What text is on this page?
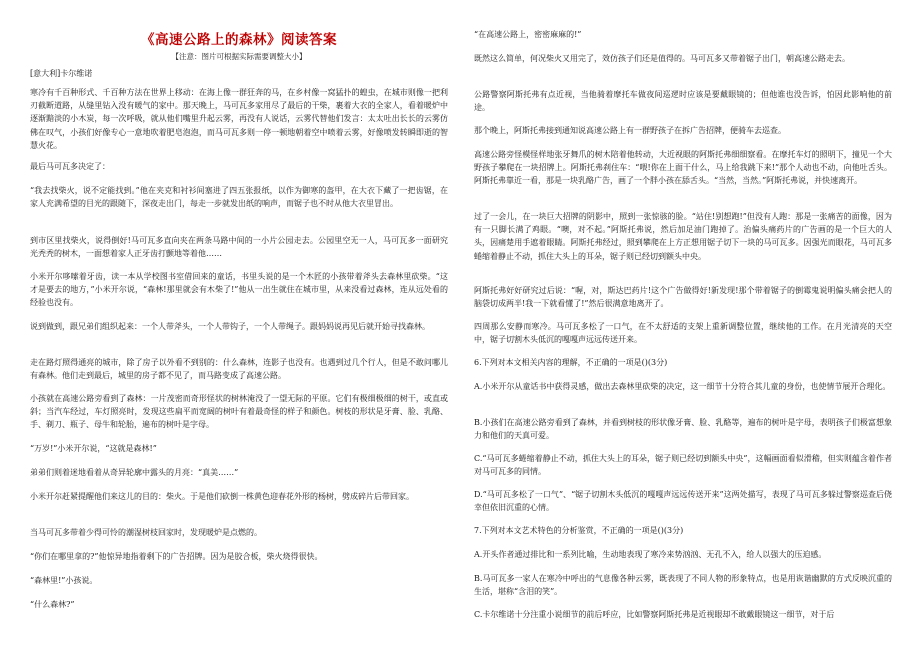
《高速公路上的森林》阅读答案
【注意：图片可根据实际需要调整大小】
[意大利]卡尔维诺

寒冷有千百种形式、千百种方法在世界上移动：在海上像一群狂奔的马，在乡村像一窝猛扑的蝗虫，在城市则像一把利刃截断道路，从缝里钻入没有暖气的家中。那天晚上，马可瓦多家用尽了最后的干柴，裹着大衣的全家人，看着暖炉中逐渐黯淡的小木炭，每一次呼吸，就从他们嘴里升起云雾，再没有人说话，云雾代替他们发言：太太吐出长长的云雾仿佛在叹气，小孩们好像专心一意地吹着肥皂泡泡，而马可瓦多则一停一顿地朝着空中喷着云雾，好像喷发转瞬即逝的智慧火花。

最后马可瓦多决定了：

“我去找柴火，说不定能找到。”他在夹克和衬衫间塞进了四五张报纸，以作为御寒的盔甲，在大衣下藏了一把齿锯，在家人充满希望的目光的跟随下，深夜走出门，每走一步就发出纸的响声，而锯子也不时从他大衣里冒出。

到市区里找柴火，说得倒好!马可瓦多直向夹在两条马路中间的一小片公园走去。公园里空无一人，马可瓦多一面研究光秃秃的树木，一面想着家人正牙齿打颤地等着他……

小米开尔哆嗦着牙齿，读一本从学校图书室借回来的童话，书里头说的是一个木匠的小孩带着斧头去森林里砍柴。“这才是要去的地方，”小米开尔说，“森林!那里就会有木柴了!”他从一出生就住在城市里，从来没看过森林，连从远处看的经验也没有。

说到做到，跟兄弟们组织起来：一个人带斧头，一个人带钩子，一个人带绳子。跟妈妈说再见后就开始寻找森林。

走在路灯照得通亮的城市，除了房子以外看不到别的：什么森林，连影子也没有。也遇到过几个行人，但是不敢问哪儿有森林。他们走到最后，城里的房子都不见了，而马路变成了高速公路。

小孩就在高速公路旁看到了森林：一片茂密而奇形怪状的树林淹没了一望无际的平原。它们有极细极细的树干，或直或斜；当汽车经过，车灯照亮时，发现这些扁平而宽阔的树叶有着最奇怪的样子和颜色。树枝的形状是牙膏、脸、乳酪、手、剃刀、瓶子、母牛和轮胎，遍布的树叶是字母。

“万岁!”小米开尔说，“这就是森林!”

弟弟们则着迷地看着从奇异轮廓中露头的月亮：“真美……”

小米开尔赶紧提醒他们来这儿的目的：柴火。于是他们砍倒一株黄色迎春花外形的杨树，劈成碎片后带回家。

当马可瓦多带着少得可怜的潮湿树枝回家时，发现暖炉是点燃的。

“你们在哪里拿的?”他惊异地指着剩下的广告招牌。因为是胶合板，柴火烧得很快。

“森林里!”小孩说。

“什么森林?”

“在高速公路上，密密麻麻的!”

既然这么简单，何况柴火又用完了，效仿孩子们还是值得的。马可瓦多又带着锯子出门，朝高速公路走去。

公路警察阿斯托弗有点近视，当他骑着摩托车做夜间巡逻时应该是要戴眼镜的；但他谁也没告诉，怕因此影响他的前途。

那个晚上，阿斯托弗接到通知说高速公路上有一群野孩子在拆广告招牌，便骑车去巡查。

高速公路旁怪模怪样地张牙舞爪的树木陪着他转动，大近视眼的阿斯托弗细细察看。在摩托车灯的照明下，撞见一个大野孩子攀爬在一块招牌上。阿斯托弗刹住车：“喂!你在上面干什么，马上给我跳下来!”那个人动也不动，向他吐舌头。阿斯托弗靠近一看，那是一块乳酪广告，画了一个胖小孩在舔舌头。“当然，当然。”阿斯托弗说，并快速离开。

过了一会儿，在一块巨大招牌的阴影中，照到一张惊骇的脸。“站住!别想跑!”但没有人跑：那是一张痛苦的面像，因为有一只脚长满了鸡眼。“噢，对不起。”阿斯托弗说，然后加足油门跑掉了。治偏头痛药片的广告画的是一个巨大的人头，因痛楚用手遮着眼睛。阿斯托弗经过，照到攀爬在上方正想用锯子切下一块的马可瓦多。因强光而眼花，马可瓦多蜷缩着静止不动，抓住大头上的耳朵，锯子则已经切到额头中央。

阿斯托弗好好研究过后说：“喔，对，斯达巴药片!这个广告做得好!新发现!那个带着锯子的倒霉鬼说明偏头痛会把人的脑袋切成两半!我一下就看懂了!”然后很满意地离开了。

四周那么安静而寒冷。马可瓦多松了一口气，在不太舒适的支架上重新调整位置，继续他的工作。在月光清亮的天空中，锯子切割木头低沉的嘎嘎声远远传送开来。

6.下列对本文相关内容的理解，不正确的一项是()(3分)

A.小米开尔从童话书中获得灵感，做出去森林里砍柴的决定，这一细节十分符合其儿童的身份，也使情节展开合理化。

B.小孩们在高速公路旁看到了森林，并看到树枝的形状像牙膏、脸、乳酪等，遍布的树叶是字母，表明孩子们极富想象力和他们的天真可爱。

C.“马可瓦多蜷缩着静止不动，抓住大头上的耳朵，锯子则已经切到额头中央”，这幅画面看似滑稽，但实则蕴含着作者对马可瓦多的同情。

D.“马可瓦多松了一口气”、“锯子切割木头低沉的嘎嘎声远远传送开来”这两处描写，表现了马可瓦多躲过警察巡查后侥幸但依旧沉重的心情。

7.下列对本文艺术特色的分析鉴赏，不正确的一项是()(3分)

A.开头作者通过排比和一系列比喻，生动地表现了寒冷来势汹汹、无孔不入，给人以强大的压迫感。

B.马可瓦多一家人在寒冷中呼出的气息像各种云雾，既表现了不同人物的形象特点，也是用诙谐幽默的方式反映沉重的生活，堪称“含泪的笑”。

C.卡尔维诺十分注重小说细节的前后呼应，比如警察阿斯托弗是近视眼却不敢戴眼镜这一细节，对于后
